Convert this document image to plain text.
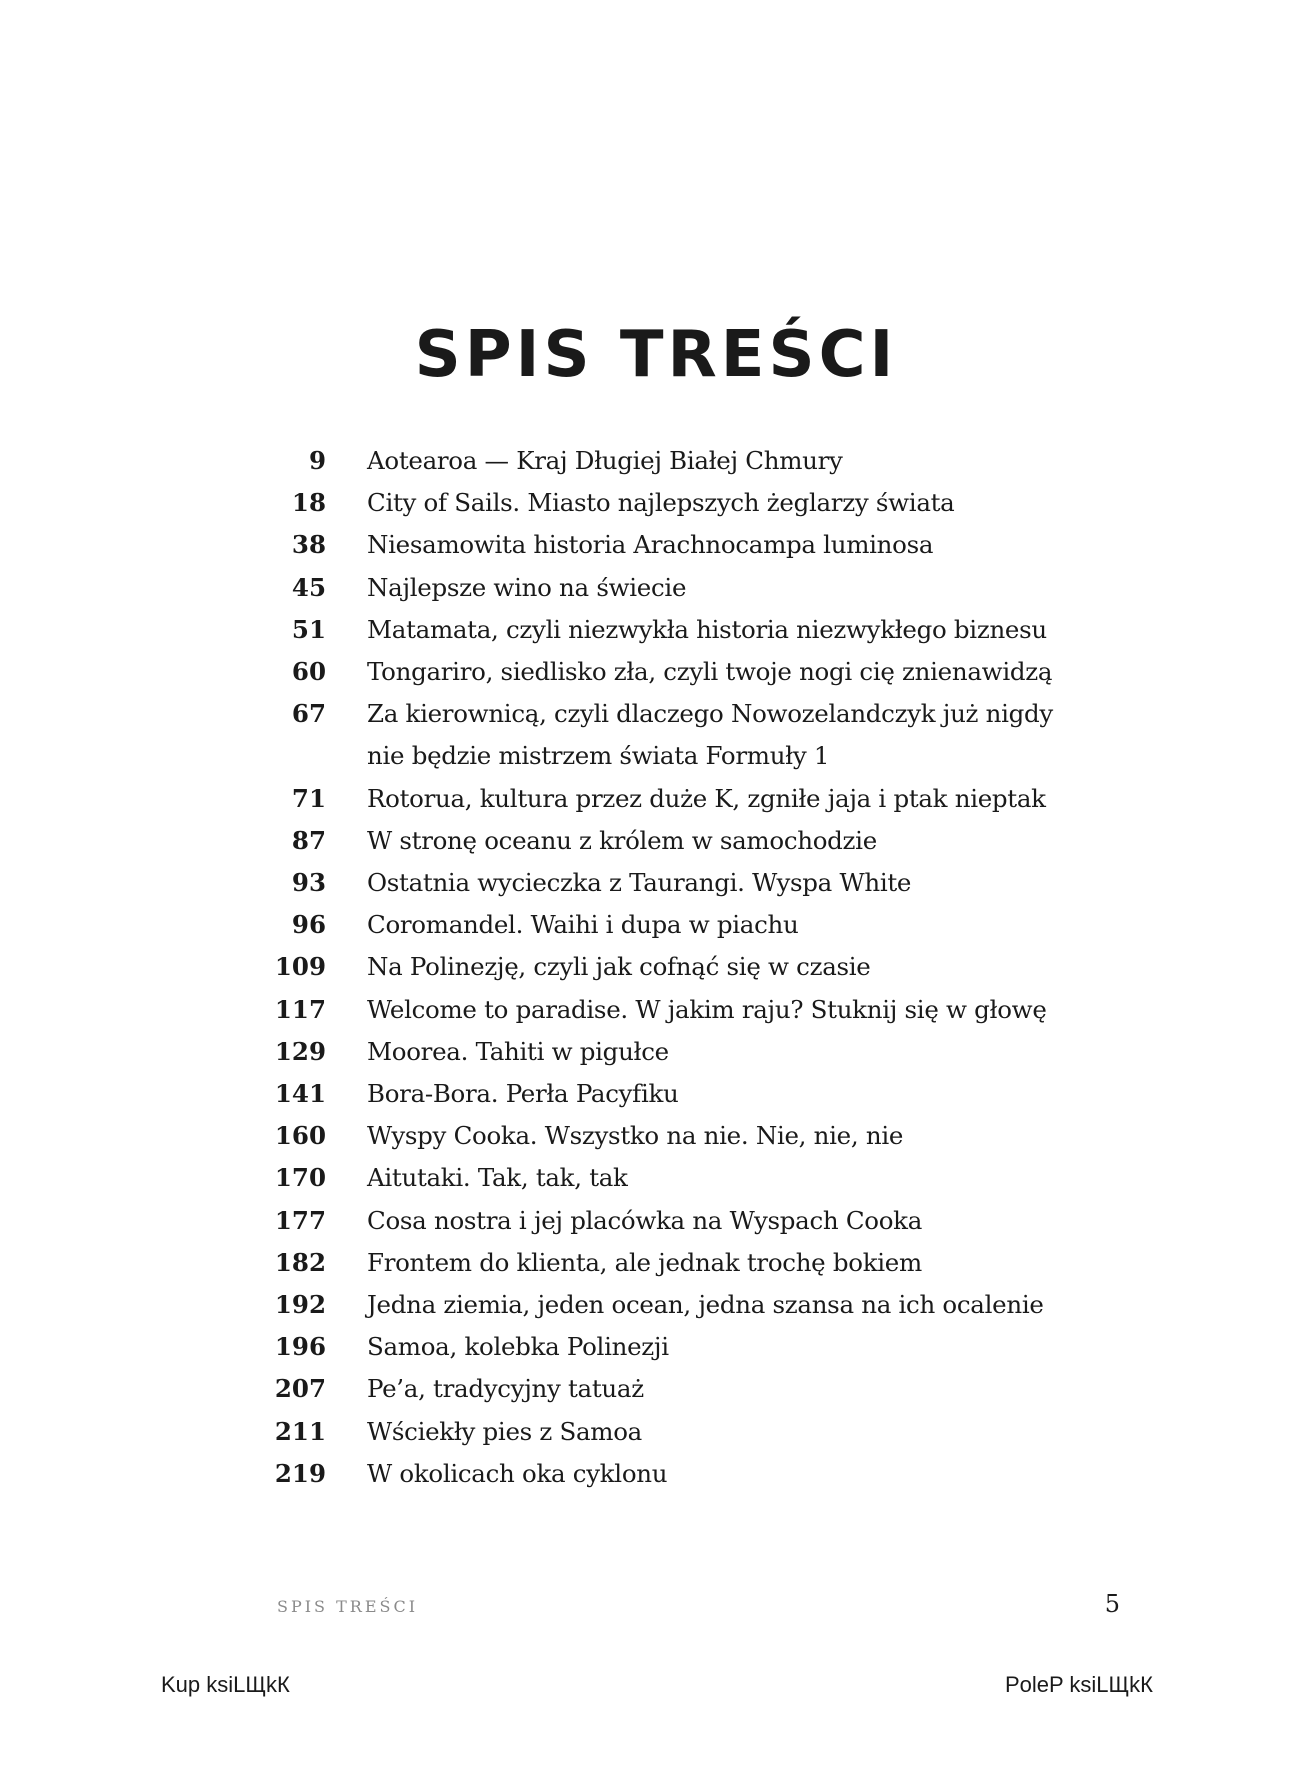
SPIS TREŚCI
9 Aotearoa — Kraj Długiej Białej Chmury
18 City of Sails. Miasto najlepszych żeglarzy świata
38 Niesamowita historia Arachnocampa luminosa
45 Najlepsze wino na świecie
51 Matamata, czyli niezwykła historia niezwykłego biznesu
60 Tongariro, siedlisko zła, czyli twoje nogi cię znienawidzą
67 Za kierownicą, czyli dlaczego Nowozelandczyk już nigdy nie będzie mistrzem świata Formuły 1
71 Rotorua, kultura przez duże K, zgniłe jaja i ptak nieptak
87 W stronę oceanu z królem w samochodzie
93 Ostatnia wycieczka z Taurangi. Wyspa White
96 Coromandel. Waihi i dupa w piachu
109 Na Polinezję, czyli jak cofnąć się w czasie
117 Welcome to paradise. W jakim raju? Stuknij się w głowę
129 Moorea. Tahiti w pigułce
141 Bora-Bora. Perła Pacyfiku
160 Wyspy Cooka. Wszystko na nie. Nie, nie, nie
170 Aitutaki. Tak, tak, tak
177 Cosa nostra i jej placówka na Wyspach Cooka
182 Frontem do klienta, ale jednak trochę bokiem
192 Jedna ziemia, jeden ocean, jedna szansa na ich ocalenie
196 Samoa, kolebka Polinezji
207 Pe’a, tradycyjny tatuaż
211 Wściekły pies z Samoa
219 W okolicach oka cyklonu
SPIS TREŚCI	5
Kup ksiLЩkК	PoleP ksiLЩkК
